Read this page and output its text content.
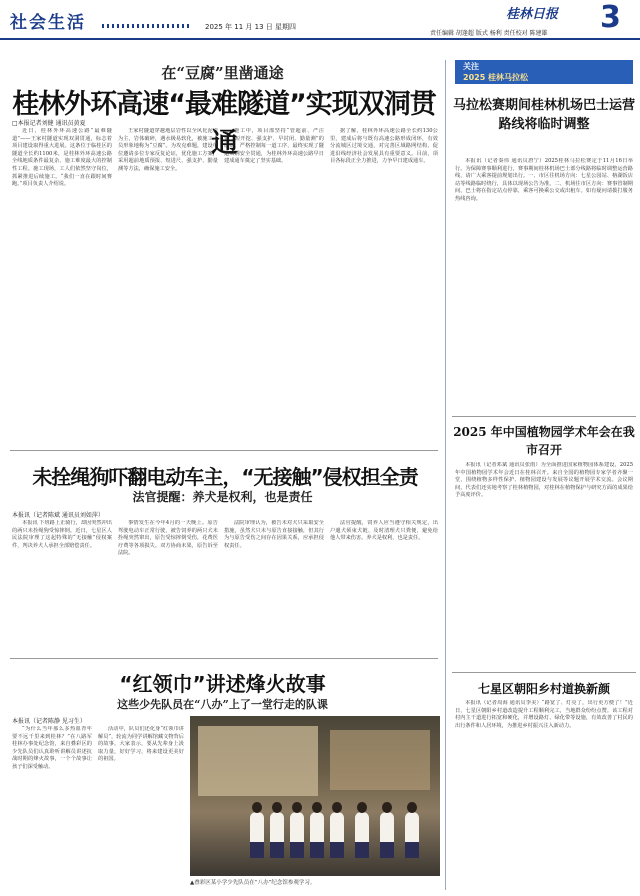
社会生活	2025 年 11 月 13 日 星期四
桂林日报 3
责任编辑 胡逢超 版式 杨利 责任校对 陈建雄
在“豆腐”里凿通途
桂林外环高速“最难隧道”实现双洞贯通
□本报记者刘健 通讯员黄夏

近日，桂林外环高速公路“最难隧道”——王家村隧道实现双洞贯通，标志着项目建设取得重大进展。这条位于临桂区的隧道全长约1100米，是桂林外环高速公路全线地质条件最复杂、施工难度最大的控制性工程。施工现场，工人们依然坚守岗位，抓紧推进后续施工。“我们一直在跟时间赛跑。”项目负责人介绍说。

王家村隧道穿越地层岩性以全风化泥岩为主，岩体破碎，遇水极易软化，被施工人员形象地称为“豆腐”。为攻克难题，建设单位邀请多位专家反复论证，优化施工方案，采用超前地质预报、短进尺、强支护、勤量测等方法，确保施工安全。

施工中，项目部坚持“管超前、严注浆、短开挖、强支护、早封闭、勤量测”的原则，严格控制每一道工序，最终实现了隧道双洞安全贯通，为桂林外环高速公路早日建成通车奠定了坚实基础。

据了解，桂林外环高速公路全长约130公里，建成后将与既有高速公路形成闭环，有效分流城区过境交通，对完善区域路网结构、促进沿线经济社会发展具有重要意义。目前，项目各标段正全力推进，力争早日建成通车。

未拴绳狗吓翻电动车主，“无接触”侵权担全责
法官提醒：养犬是权利，也是责任
本报讯（记者陈斌 通讯员刘如萍）

本报讯 下班路上正骑行，却因突然冲出的两只未拴绳狗受惊摔倒。近日，七星区人民法院审理了这起特殊的“无接触”侵权案件，判决养犬人承担全部赔偿责任。

事情发生在今年4月的一天晚上。原告驾驶电动车正常行驶，被告饲养的两只犬未拴绳突然窜出，原告受惊摔倒受伤，花费医疗费等各项损失。双方协商未果，原告诉至法院。

法院审理认为，被告未对犬只采取安全措施，虽然犬只未与原告直接接触，但其行为与原告受伤之间存在因果关系，应承担侵权责任。

法官提醒，饲养人应当遵守相关规定，出户遛犬须束犬链、及时清理犬只粪便，避免给他人带来伤害。养犬是权利，也是责任。

“红领巾”讲述烽火故事
这些少先队员在“八办”上了一堂行走的队课
本报讯（记者陈静 见习生）

“为什么当年那么多热血青年要不远千里来到桂林？”在八路军桂林办事处纪念馆，来自叠彩区的少先队员们认真聆听讲解员讲述抗战时期的烽火故事，一个个故事让孩子们深受触动。

活动中，队员们还化身“红领巾讲解员”，轮流为同学讲解馆藏文物背后的故事。大家表示，要从先辈身上汲取力量，好好学习，将来建设更美好的祖国。

▲叠彩区某小学少先队员在“八办”纪念馆参观学习。
关注
2025 桂林马拉松
马拉松赛期间桂林机场巴士运营路线将临时调整

本报讯（记者秦伟 通讯员唐宁）2025桂林马拉松赛定于11月16日举行。为保障赛事顺利进行，赛事期间桂林机场巴士部分线路将临时调整运营路线，请广大乘客提前规划出行。一、市区往机场方向：七星公园站、榕湖饭店站等线路临时绕行，具体以现场公告为准。二、机场往市区方向：赛事管制期间，巴士将在指定站点停靠，乘客可换乘公交或出租车。如有疑问请拨打服务热线咨询。

2025 年中国植物园学术年会在我市召开

本报讯（记者邓斌 通讯员张雨）为全面推进国家植物园体系建设，2025年中国植物园学术年会近日在桂林召开。来自全国的植物园专家学者齐聚一堂，围绕植物多样性保护、植物园建设与发展等议题开展学术交流。会议期间，代表们还实地考察了桂林植物园，对桂林在植物保护与研究方面的成果给予高度评价。

七星区朝阳乡村道换新颜

本报讯（记者周海 通讯员李美）“路宽了、灯亮了，出行更方便了！”近日，七星区朝阳乡村道改造提升工程顺利完工，当地群众纷纷点赞。该工程对村内主干道进行拓宽和硬化，并增设路灯、绿化带等设施，有效改善了村民的出行条件和人居环境，为推进乡村振兴注入新动力。
